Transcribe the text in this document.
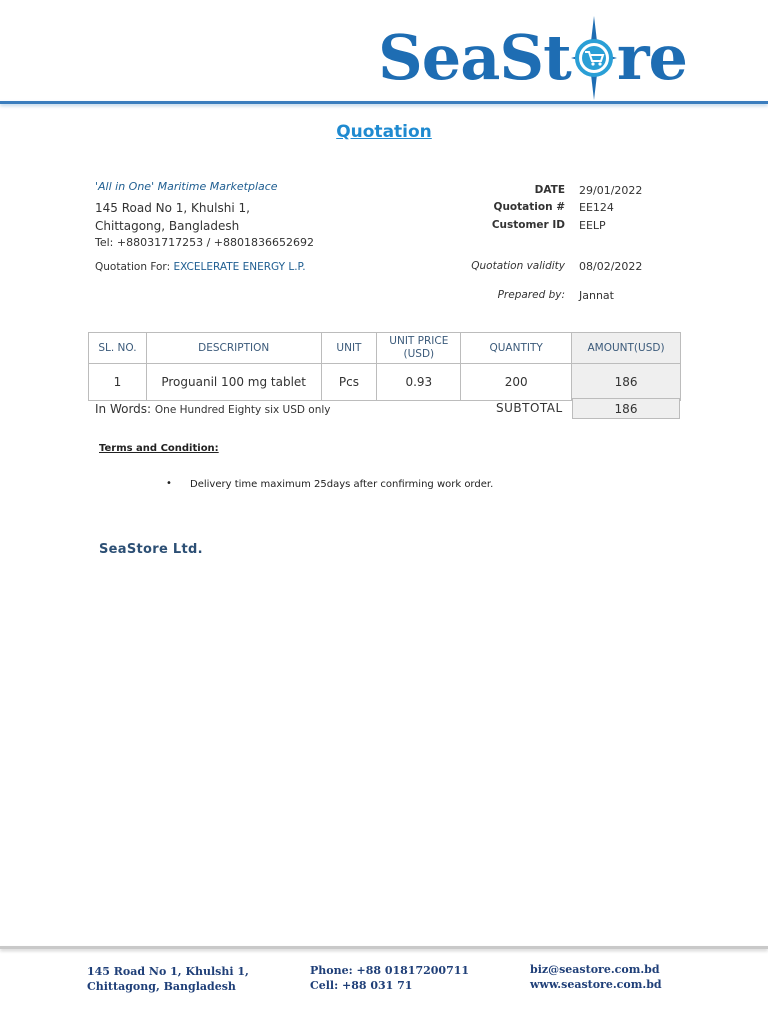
SeaSt re
Quotation
'All in One' Maritime Marketplace
145 Road No 1, Khulshi 1,
Chittagong, Bangladesh
Tel: +88031717253 / +8801836652692
Quotation For: EXCELERATE ENERGY L.P.
DATE 29/01/2022
Quotation # EE124
Customer ID EELP
Quotation validity 08/02/2022
Prepared by: Jannat
SL. NO.	DESCRIPTION	UNIT	UNIT PRICE
(USD)	QUANTITY	AMOUNT(USD)
1	Proguanil 100 mg tablet	Pcs	0.93	200	186
In Words: One Hundred Eighty six USD only	SUBTOTAL	186
Terms and Condition:
• Delivery time maximum 25days after confirming work order.
SeaStore Ltd.
145 Road No 1, Khulshi 1,
Chittagong, Bangladesh
Phone: +88 01817200711
Cell: +88 031 71
biz@seastore.com.bd
www.seastore.com.bd
